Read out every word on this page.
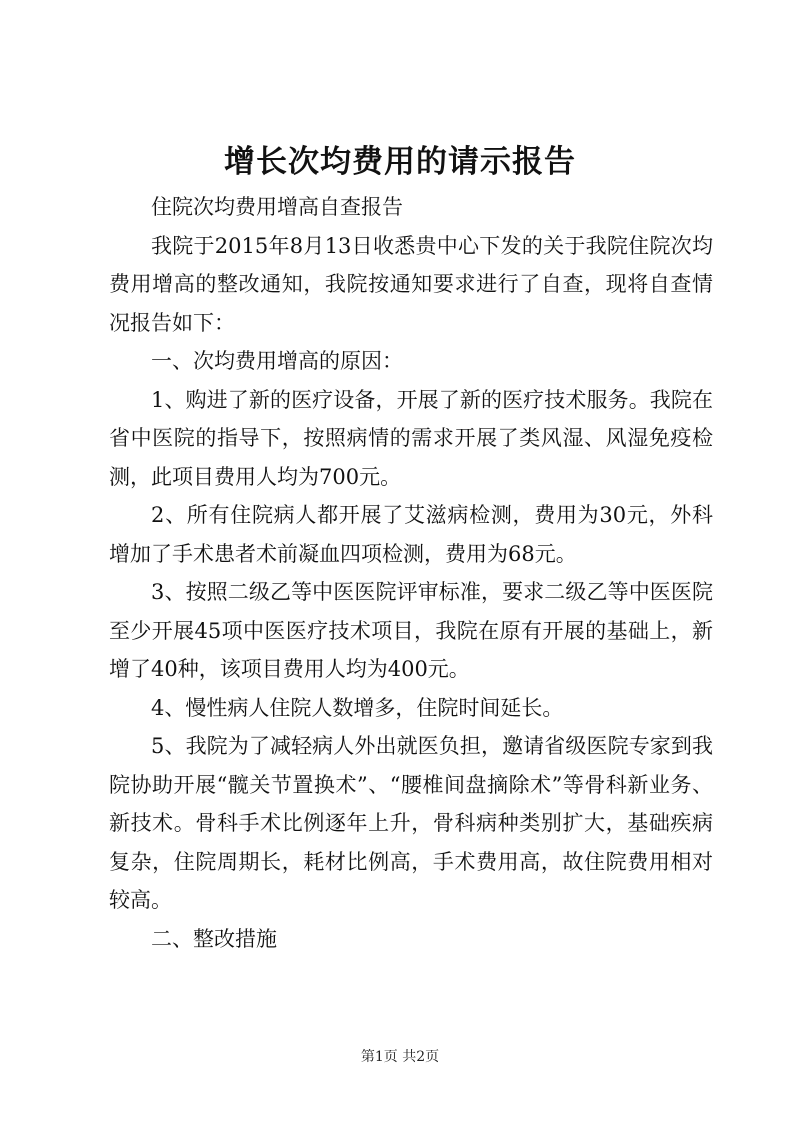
增长次均费用的请示报告

住院次均费用增高自查报告

我院于2015年8月13日收悉贵中心下发的关于我院住院次均费用增高的整改通知，我院按通知要求进行了自查，现将自查情况报告如下：

一、次均费用增高的原因：

1、购进了新的医疗设备，开展了新的医疗技术服务。我院在省中医院的指导下，按照病情的需求开展了类风湿、风湿免疫检测，此项目费用人均为700元。

2、所有住院病人都开展了艾滋病检测，费用为30元，外科增加了手术患者术前凝血四项检测，费用为68元。

3、按照二级乙等中医医院评审标准，要求二级乙等中医医院至少开展45项中医医疗技术项目，我院在原有开展的基础上，新增了40种，该项目费用人均为400元。

4、慢性病人住院人数增多，住院时间延长。

5、我院为了减轻病人外出就医负担，邀请省级医院专家到我院协助开展“髋关节置换术”、“腰椎间盘摘除术”等骨科新业务、新技术。骨科手术比例逐年上升，骨科病种类别扩大，基础疾病复杂，住院周期长，耗材比例高，手术费用高，故住院费用相对较高。

二、整改措施

第1页 共2页
